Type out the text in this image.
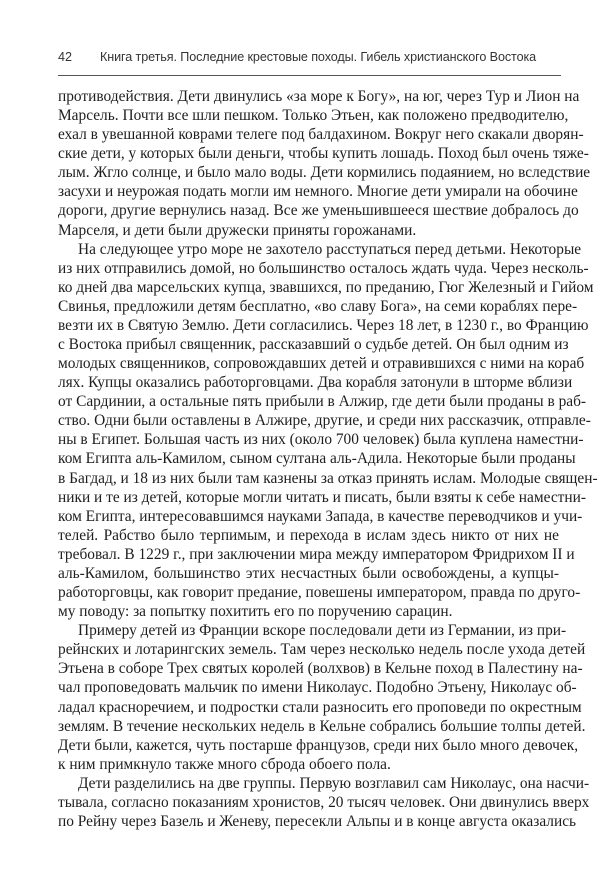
42 Книга третья. Последние крестовые походы. Гибель христианского Востока
противодействия. Дети двинулись «за море к Богу», на юг, через Тур и Лион на
Марсель. Почти все шли пешком. Только Этьен, как положено предводителю,
ехал в увешанной коврами телеге под балдахином. Вокруг него скакали дворян-
ские дети, у которых были деньги, чтобы купить лошадь. Поход был очень тяже-
лым. Жгло солнце, и было мало воды. Дети кормились подаянием, но вследствие
засухи и неурожая подать могли им немного. Многие дети умирали на обочине
дороги, другие вернулись назад. Все же уменьшившееся шествие добралось до
Марселя, и дети были дружески приняты горожанами.
На следующее утро море не захотело расступаться перед детьми. Некоторые
из них отправились домой, но большинство осталось ждать чуда. Через несколь-
ко дней два марсельских купца, звавшихся, по преданию, Гюг Железный и Гийом
Свинья, предложили детям бесплатно, «во славу Бога», на семи кораблях пере-
везти их в Святую Землю. Дети согласились. Через 18 лет, в 1230 г., во Францию
с Востока прибыл священник, рассказавший о судьбе детей. Он был одним из
молодых священников, сопровождавших детей и отравившихся с ними на кораб
лях. Купцы оказались работорговцами. Два корабля затонули в шторме вблизи
от Сардинии, а остальные пять прибыли в Алжир, где дети были проданы в раб-
ство. Одни были оставлены в Алжире, другие, и среди них рассказчик, отправле-
ны в Египет. Большая часть из них (около 700 человек) была куплена наместни-
ком Египта аль-Камилом, сыном султана аль-Адила. Некоторые были проданы
в Багдад, и 18 из них были там казнены за отказ принять ислам. Молодые священ-
ники и те из детей, которые могли читать и писать, были взяты к себе наместни-
ком Египта, интересовавшимся науками Запада, в качестве переводчиков и учи-
телей. Рабство было терпимым, и перехода в ислам здесь никто от них не
требовал. В 1229 г., при заключении мира между императором Фридрихом II и
аль-Камилом, большинство этих несчастных были освобождены, а купцы-
работорговцы, как говорит предание, повешены императором, правда по друго-
му поводу: за попытку похитить его по поручению сарацин.
Примеру детей из Франции вскоре последовали дети из Германии, из при-
рейнских и лотарингских земель. Там через несколько недель после ухода детей
Этьена в соборе Трех святых королей (волхвов) в Кельне поход в Палестину на-
чал проповедовать мальчик по имени Николаус. Подобно Этьену, Николаус об-
ладал красноречием, и подростки стали разносить его проповеди по окрестным
землям. В течение нескольких недель в Кельне собрались большие толпы детей.
Дети были, кажется, чуть постарше французов, среди них было много девочек,
к ним примкнуло также много сброда обоего пола.
Дети разделились на две группы. Первую возглавил сам Николаус, она насчи-
тывала, согласно показаниям хронистов, 20 тысяч человек. Они двинулись вверх
по Рейну через Базель и Женеву, пересекли Альпы и в конце августа оказались
